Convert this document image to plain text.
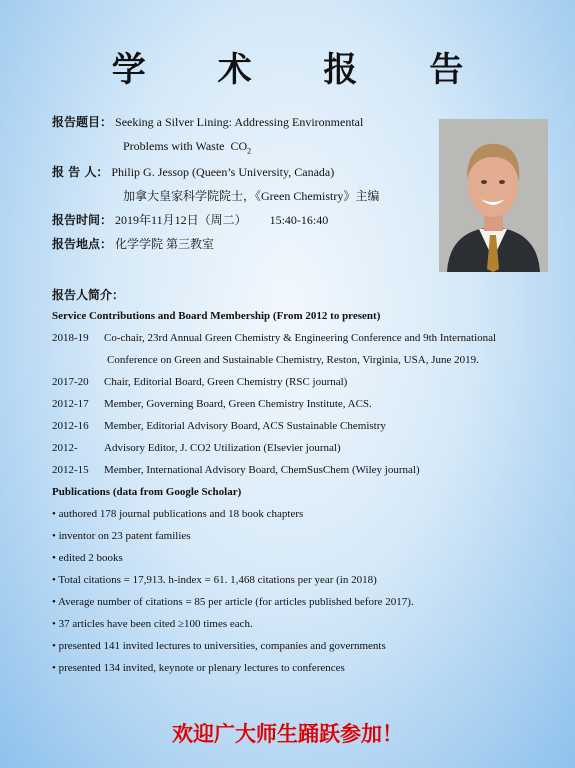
学 术 报 告
报告题目： Seeking a Silver Lining: Addressing Environmental
Problems with Waste $CO_2$
报 告 人： Philip G. Jessop (Queen’s University, Canada)
加拿大皇家科学院院士，《Green Chemistry》主编
报告时间： 2019年11月12日（周二） 15:40-16:40
报告地点： 化学学院 第三教室
报告人简介：
Service Contributions and Board Membership (From 2012 to present)
2018-19 Co-chair, 23rd Annual Green Chemistry & Engineering Conference and 9th International
Conference on Green and Sustainable Chemistry, Reston, Virginia, USA, June 2019.
2017-20 Chair, Editorial Board, Green Chemistry (RSC journal)
2012-17 Member, Governing Board, Green Chemistry Institute, ACS.
2012-16 Member, Editorial Advisory Board, ACS Sustainable Chemistry
2012- Advisory Editor, J. CO2 Utilization (Elsevier journal)
2012-15 Member, International Advisory Board, ChemSusChem (Wiley journal)
Publications (data from Google Scholar)
• authored 178 journal publications and 18 book chapters
• inventor on 23 patent families
• edited 2 books
• Total citations = 17,913. h-index = 61. 1,468 citations per year (in 2018)
• Average number of citations = 85 per article (for articles published before 2017).
• 37 articles have been cited ≥100 times each.
• presented 141 invited lectures to universities, companies and governments
• presented 134 invited, keynote or plenary lectures to conferences
欢迎广大师生踊跃参加！
